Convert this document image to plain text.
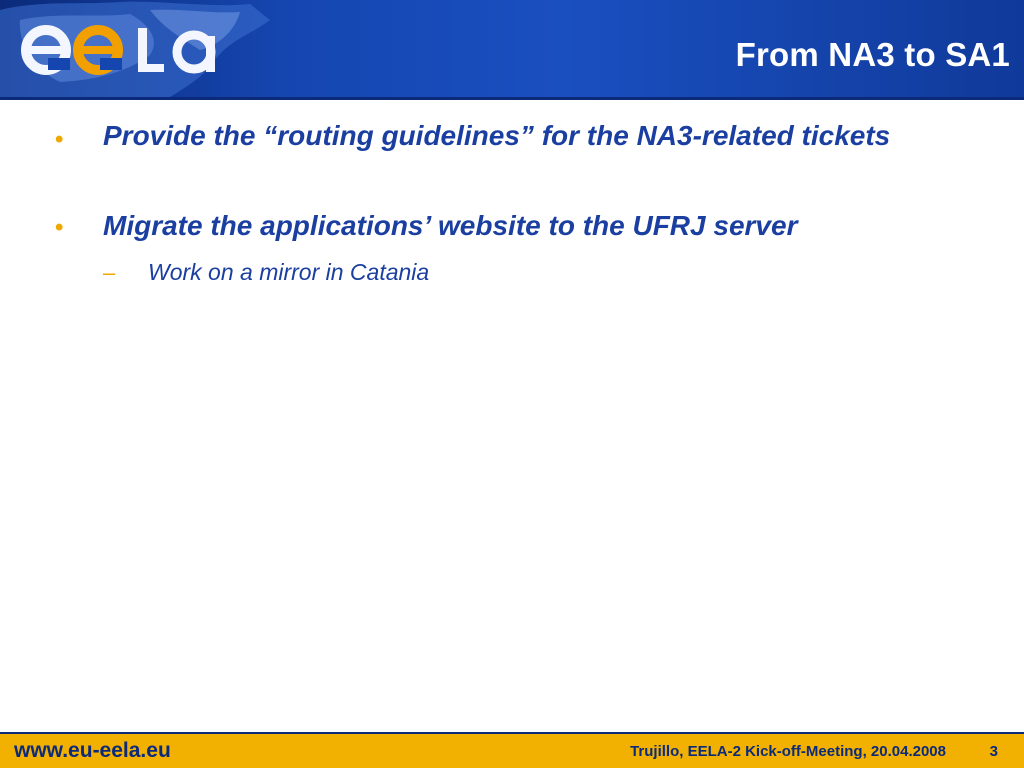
From NA3 to SA1
• Provide the “routing guidelines” for the NA3-related tickets
• Migrate the applications’ website to the UFRJ server
– Work on a mirror in Catania
www.eu-eela.eu	Trujillo, EELA-2 Kick-off-Meeting, 20.04.2008	3
